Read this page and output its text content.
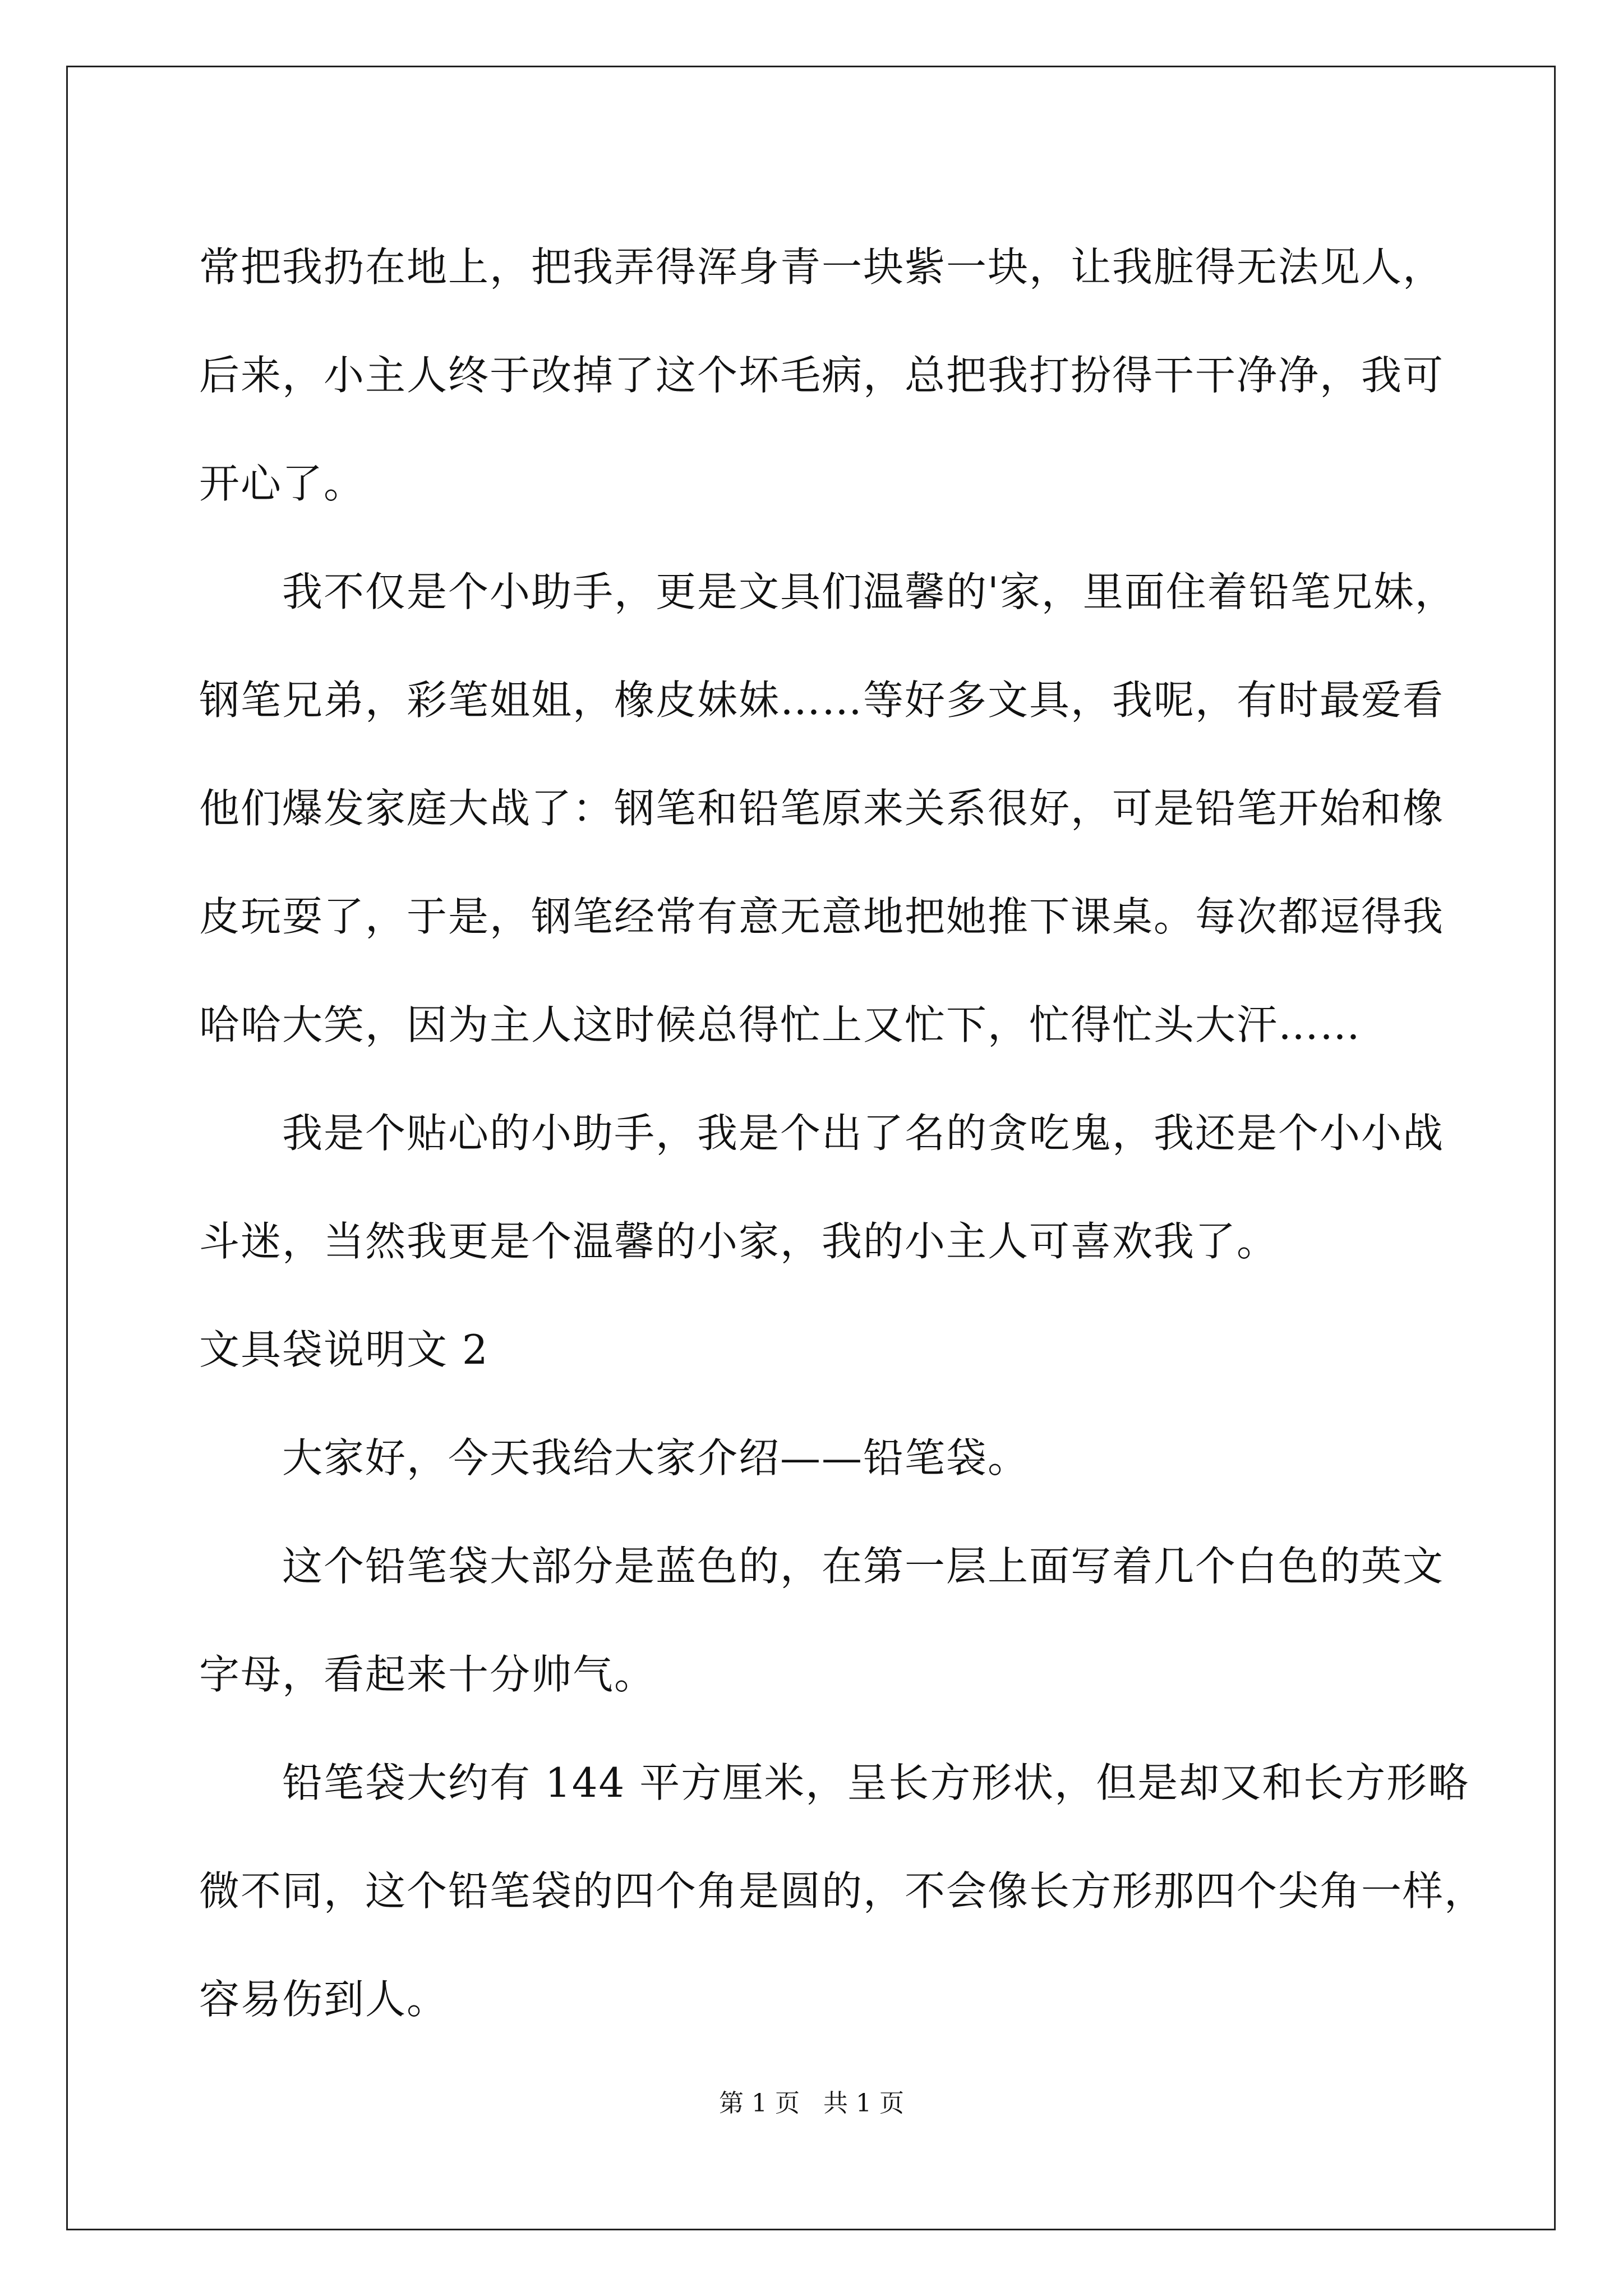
常把我扔在地上，把我弄得浑身青一块紫一块，让我脏得无法见人，
后来，小主人终于改掉了这个坏毛病，总把我打扮得干干净净，我可
开心了。
我不仅是个小助手，更是文具们温馨的'家，里面住着铅笔兄妹，
钢笔兄弟，彩笔姐姐，橡皮妹妹……等好多文具，我呢，有时最爱看
他们爆发家庭大战了：钢笔和铅笔原来关系很好，可是铅笔开始和橡
皮玩耍了，于是，钢笔经常有意无意地把她推下课桌。每次都逗得我
哈哈大笑，因为主人这时候总得忙上又忙下，忙得忙头大汗……
我是个贴心的小助手，我是个出了名的贪吃鬼，我还是个小小战
斗迷，当然我更是个温馨的小家，我的小主人可喜欢我了。
文具袋说明文 2
大家好，今天我给大家介绍——铅笔袋。
这个铅笔袋大部分是蓝色的，在第一层上面写着几个白色的英文
字母，看起来十分帅气。
铅笔袋大约有 144 平方厘米，呈长方形状，但是却又和长方形略
微不同，这个铅笔袋的四个角是圆的，不会像长方形那四个尖角一样，
容易伤到人。
第 1 页 共 1 页
